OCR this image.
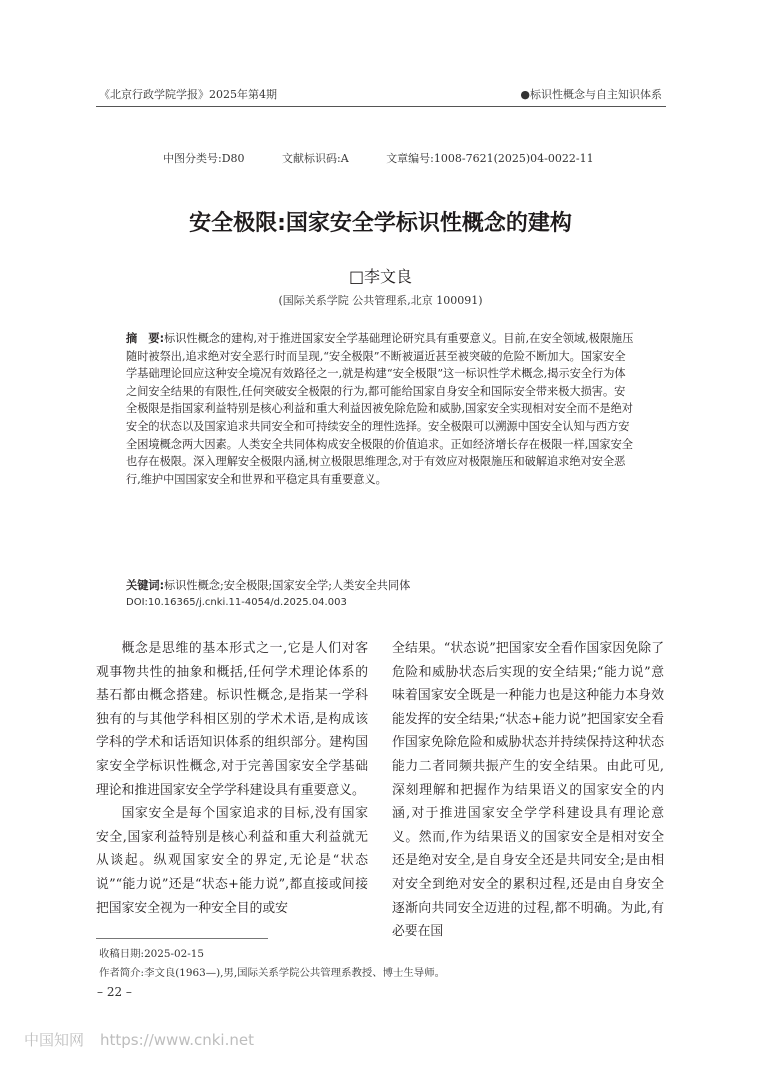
《北京行政学院学报》2025年第4期	●标识性概念与自主知识体系
中图分类号:D80	文献标识码:A	文章编号:1008-7621(2025)04-0022-11
安全极限:国家安全学标识性概念的建构
□李文良
(国际关系学院 公共管理系,北京 100091)
摘　要:标识性概念的建构,对于推进国家安全学基础理论研究具有重要意义。目前,在安全领域,极限施压随时被祭出,追求绝对安全恶行时而呈现,“安全极限”不断被逼近甚至被突破的危险不断加大。国家安全学基础理论回应这种安全境况有效路径之一,就是构建“安全极限”这一标识性学术概念,揭示安全行为体之间安全结果的有限性,任何突破安全极限的行为,都可能给国家自身安全和国际安全带来极大损害。安全极限是指国家利益特别是核心利益和重大利益因被免除危险和威胁,国家安全实现相对安全而不是绝对安全的状态以及国家追求共同安全和可持续安全的理性选择。安全极限可以溯源中国安全认知与西方安全困境概念两大因素。人类安全共同体构成安全极限的价值追求。正如经济增长存在极限一样,国家安全也存在极限。深入理解安全极限内涵,树立极限思维理念,对于有效应对极限施压和破解追求绝对安全恶行,维护中国国家安全和世界和平稳定具有重要意义。
关键词:标识性概念;安全极限;国家安全学;人类安全共同体
DOI:10.16365/j.cnki.11-4054/d.2025.04.003

概念是思维的基本形式之一,它是人们对客观事物共性的抽象和概括,任何学术理论体系的基石都由概念搭建。标识性概念,是指某一学科独有的与其他学科相区别的学术术语,是构成该学科的学术和话语知识体系的组织部分。建构国家安全学标识性概念,对于完善国家安全学基础理论和推进国家安全学学科建设具有重要意义。

国家安全是每个国家追求的目标,没有国家安全,国家利益特别是核心利益和重大利益就无从谈起。纵观国家安全的界定,无论是“状态说”“能力说”还是“状态+能力说”,都直接或间接把国家安全视为一种安全目的或安

全结果。“状态说”把国家安全看作国家因免除了危险和威胁状态后实现的安全结果;“能力说”意味着国家安全既是一种能力也是这种能力本身效能发挥的安全结果;“状态+能力说”把国家安全看作国家免除危险和威胁状态并持续保持这种状态能力二者同频共振产生的安全结果。由此可见,深刻理解和把握作为结果语义的国家安全的内涵,对于推进国家安全学学科建设具有理论意义。然而,作为结果语义的国家安全是相对安全还是绝对安全,是自身安全还是共同安全;是由相对安全到绝对安全的累积过程,还是由自身安全逐渐向共同安全迈进的过程,都不明确。为此,有必要在国

收稿日期:2025-02-15
作者简介:李文良(1963—),男,国际关系学院公共管理系教授、博士生导师。
– 22 –
中国知网 https://www.cnki.net
